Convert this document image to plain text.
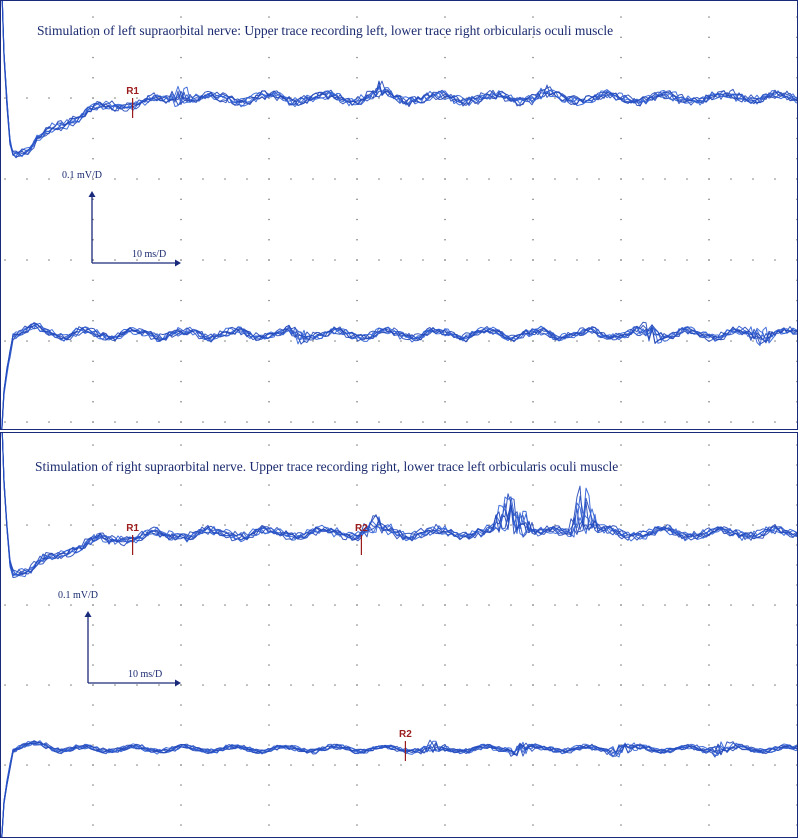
R1
0.1 mV/D
10 ms/D
Stimulation of left supraorbital nerve: Upper trace recording left, lower trace right orbicularis oculi muscle
R1	R2
R2
0.1 mV/D
10 ms/D
Stimulation of right supraorbital nerve. Upper trace recording right, lower trace left orbicularis oculi muscle
